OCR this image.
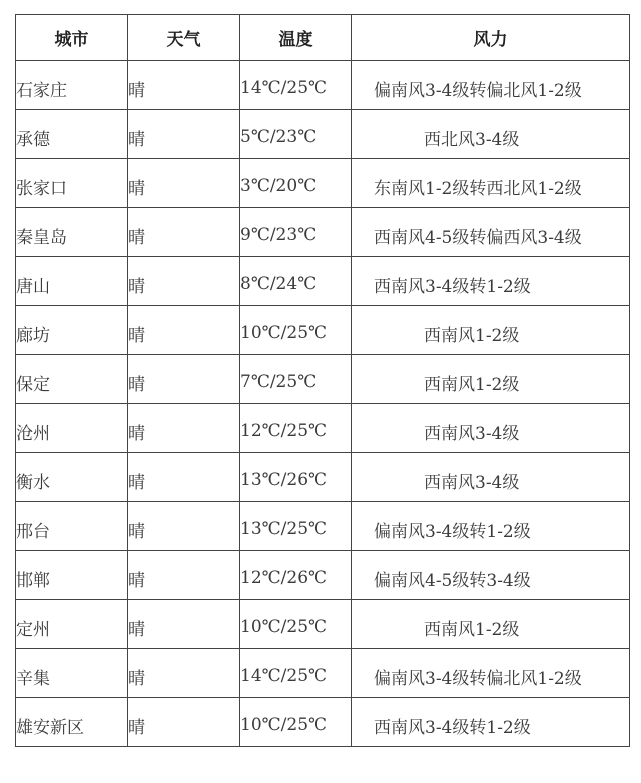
城市	天气	温度	风力
石家庄	晴	14℃/25℃	偏南风3-4级转偏北风1-2级
承德	晴	5℃/23℃	西北风3-4级
张家口	晴	3℃/20℃	东南风1-2级转西北风1-2级
秦皇岛	晴	9℃/23℃	西南风4-5级转偏西风3-4级
唐山	晴	8℃/24℃	西南风3-4级转1-2级
廊坊	晴	10℃/25℃	西南风1-2级
保定	晴	7℃/25℃	西南风1-2级
沧州	晴	12℃/25℃	西南风3-4级
衡水	晴	13℃/26℃	西南风3-4级
邢台	晴	13℃/25℃	偏南风3-4级转1-2级
邯郸	晴	12℃/26℃	偏南风4-5级转3-4级
定州	晴	10℃/25℃	西南风1-2级
辛集	晴	14℃/25℃	偏南风3-4级转偏北风1-2级
雄安新区	晴	10℃/25℃	西南风3-4级转1-2级
